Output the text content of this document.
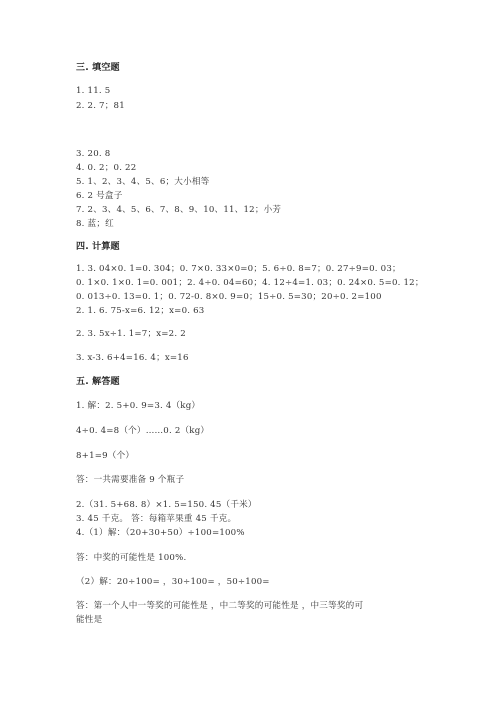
三. 填空题
1. 11. 5
2. 2. 7；81
3. 20. 8
4. 0. 2；0. 22
5. 1、2、3、4、5、6；大小相等
6. 2 号盒子
7. 2、3、4、5、6、7、8、9、10、11、12；小芳
8. 蓝；红
四. 计算题
1. 3. 04×0. 1=0. 304；0. 7×0. 33×0=0；5. 6÷0. 8=7；0. 27÷9=0. 03；
0. 1×0. 1×0. 1=0. 001；2. 4÷0. 04=60；4. 12÷4=1. 03；0. 24×0. 5=0. 12；
0. 013÷0. 13=0. 1；0. 72-0. 8×0. 9=0；15÷0. 5=30；20÷0. 2=100
2. 1. 6. 75-x=6. 12；x=0. 63
2. 3. 5x÷1. 1=7；x=2. 2
3. x-3. 6+4=16. 4；x=16
五. 解答题
1. 解：2. 5+0. 9=3. 4（kg）
4÷0. 4=8（个）……0. 2（kg）
8+1=9（个）
答：一共需要准备 9 个瓶子
2.（31. 5+68. 8）×1. 5=150. 45（千米）
3. 45 千克。 答：每箱苹果重 45 千克。
4.（1）解：（20+30+50）÷100=100%
答：中奖的可能性是 100%.
（2）解：20÷100= ，30÷100= ，50÷100=
答：第一个人中一等奖的可能性是 ，中二等奖的可能性是 ，中三等奖的可
能性是
